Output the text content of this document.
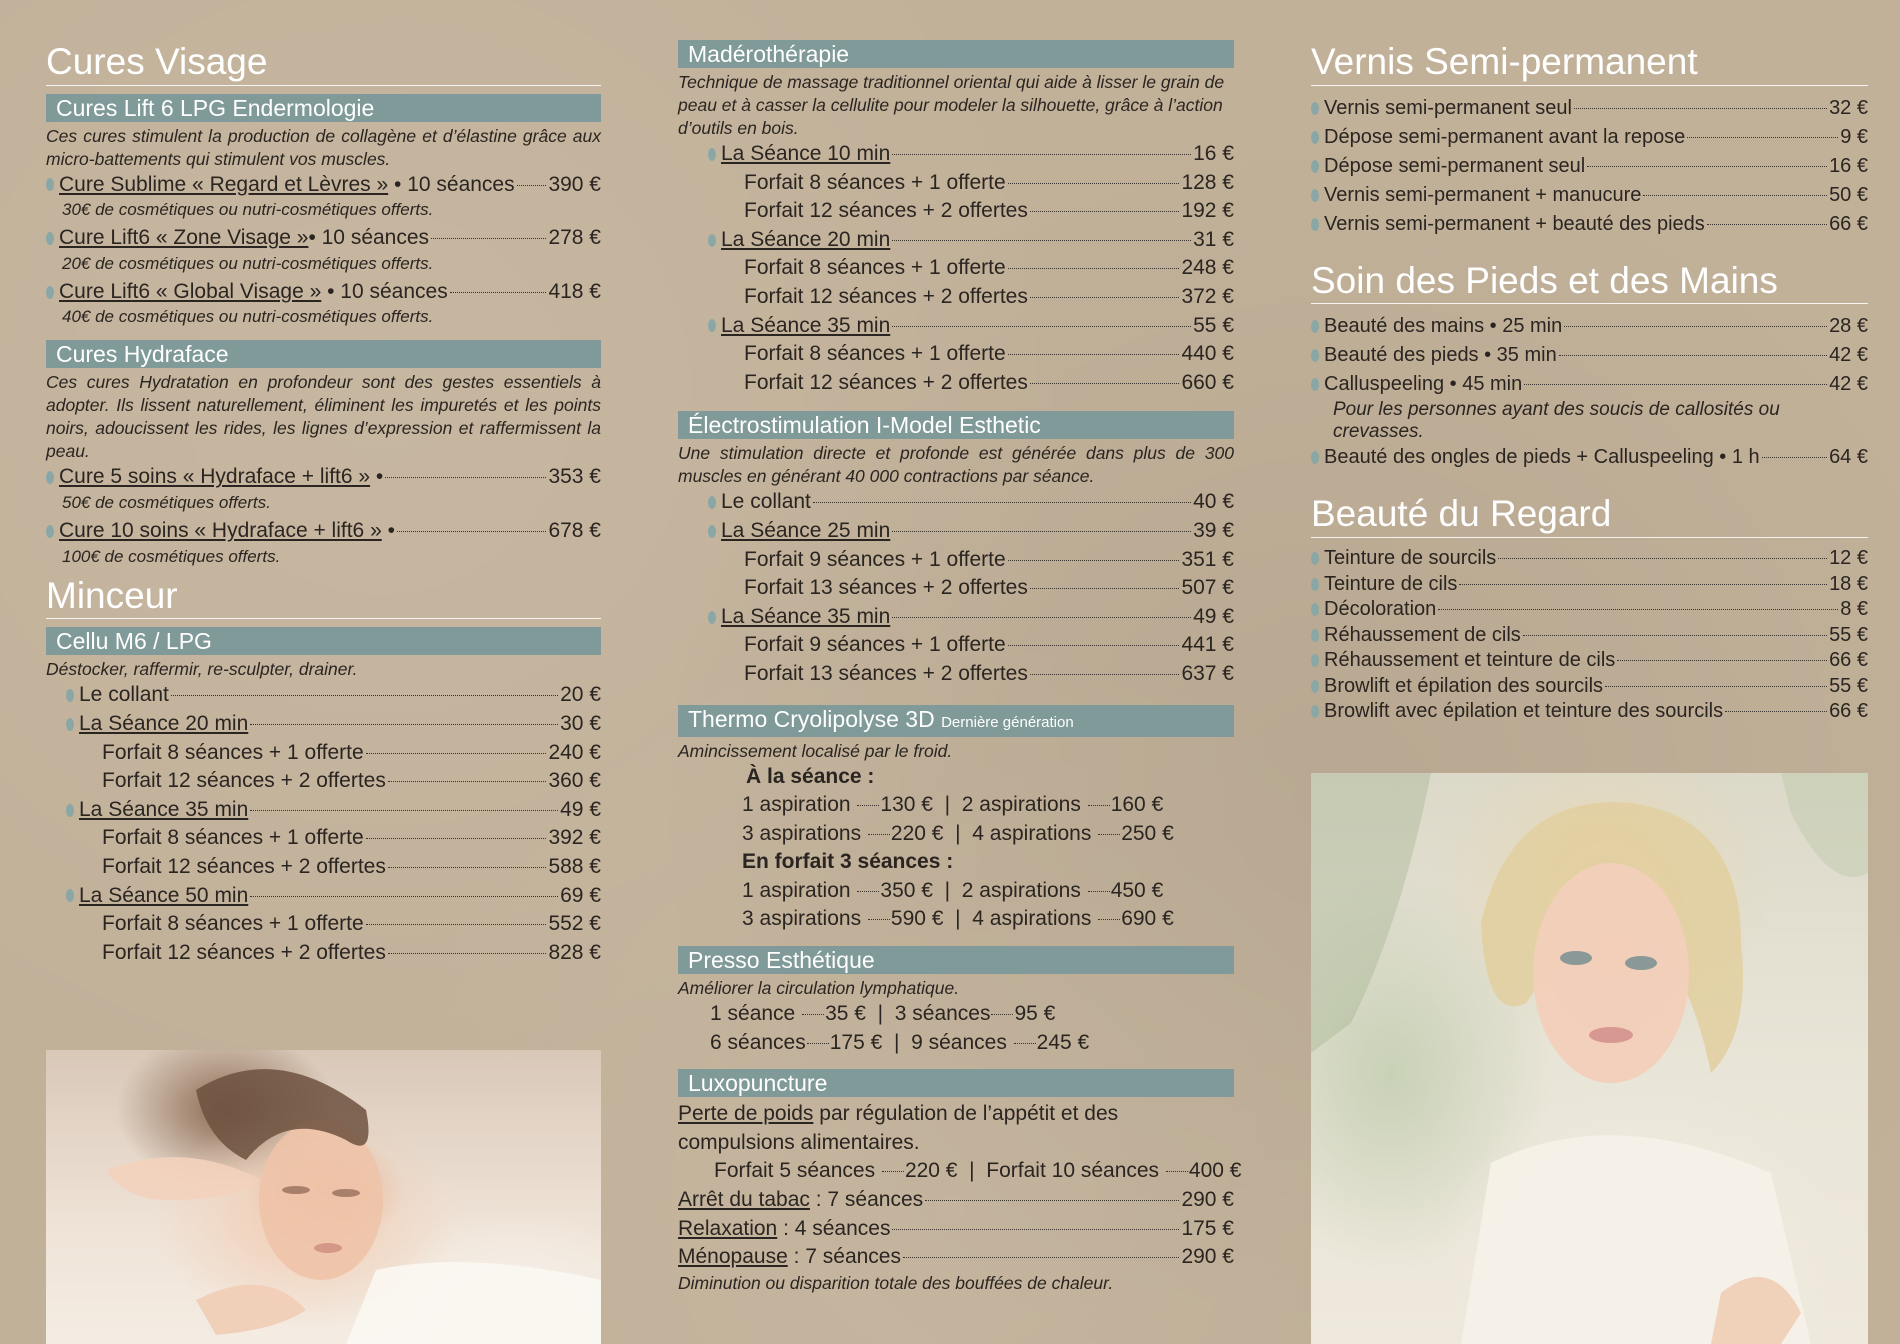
Cures Visage
Cures Lift 6 LPG Endermologie

Ces cures stimulent la production de collagène et d’élastine grâce aux micro-battements qui stimulent vos muscles.

Cure Sublime « Regard et Lèvres » • 10 séances 390 €

30€ de cosmétiques ou nutri-cosmétiques offerts.

Cure Lift6 « Zone Visage »• 10 séances	278 €

20€ de cosmétiques ou nutri-cosmétiques offerts.

Cure Lift6 « Global Visage » • 10 séances	418 €

40€ de cosmétiques ou nutri-cosmétiques offerts.

Cures Hydraface

Ces cures Hydratation en profondeur sont des gestes essentiels à adopter. Ils lissent naturellement, éliminent les impuretés et les points noirs, adoucissent les rides, les lignes d’expression et raffermissent la peau.

Cure 5 soins « Hydraface + lift6 » •	353 €

50€ de cosmétiques offerts.

Cure 10 soins « Hydraface + lift6 » •	678 €

100€ de cosmétiques offerts.

Minceur
Cellu M6 / LPG

Déstocker, raffermir, re-sculpter, drainer.

Le collant	20 €
La Séance 20 min	30 €
Forfait 8 séances + 1 offerte	240 €
Forfait 12 séances + 2 offertes	360 €
La Séance 35 min	49 €
Forfait 8 séances + 1 offerte	392 €
Forfait 12 séances + 2 offertes	588 €
La Séance 50 min	69 €
Forfait 8 séances + 1 offerte	552 €
Forfait 12 séances + 2 offertes	828 €
Madérothérapie

Technique de massage traditionnel oriental qui aide à lisser le grain de peau et à casser la cellulite pour modeler la silhouette, grâce à l’action d’outils en bois.

La Séance 10 min	16 €
Forfait 8 séances + 1 offerte	128 €
Forfait 12 séances + 2 offertes	192 €
La Séance 20 min	31 €
Forfait 8 séances + 1 offerte	248 €
Forfait 12 séances + 2 offertes	372 €
La Séance 35 min	55 €
Forfait 8 séances + 1 offerte	440 €
Forfait 12 séances + 2 offertes	660 €
Électrostimulation I-Model Esthetic

Une stimulation directe et profonde est générée dans plus de 300 muscles en générant 40 000 contractions par séance.

Le collant	40 €
La Séance 25 min	39 €
Forfait 9 séances + 1 offerte	351 €
Forfait 13 séances + 2 offertes	507 €
La Séance 35 min	49 €
Forfait 9 séances + 1 offerte	441 €
Forfait 13 séances + 2 offertes	637 €
Thermo Cryolipolyse 3D Dernière génération

Amincissement localisé par le froid.

À la séance :
1 aspiration 130 €  |  2 aspirations 160 €
3 aspirations 220 €  |  4 aspirations 250 €
En forfait 3 séances :
1 aspiration 350 €  |  2 aspirations 450 €
3 aspirations 590 €  |  4 aspirations 690 €
Presso Esthétique

Améliorer la circulation lymphatique.

1 séance 35 €  |  3 séances 95 €
6 séances 175 €  |  9 séances 245 €
Luxopuncture
Perte de poids par régulation de l’appétit et des compulsions alimentaires.
Forfait 5 séances 220 €  |  Forfait 10 séances 400 €
Arrêt du tabac : 7 séances	290 €
Relaxation : 4 séances	175 €
Ménopause : 7 séances	290 €

Diminution ou disparition totale des bouffées de chaleur.

Vernis Semi-permanent
Vernis semi-permanent seul	32 €
Dépose semi-permanent avant la repose	9 €
Dépose semi-permanent seul	16 €
Vernis semi-permanent + manucure	50 €
Vernis semi-permanent + beauté des pieds	66 €
Soin des Pieds et des Mains
Beauté des mains • 25 min	28 €
Beauté des pieds • 35 min	42 €
Calluspeeling • 45 min	42 €
Pour les personnes ayant des soucis de callosités ou crevasses.
Beauté des ongles de pieds + Calluspeeling • 1 h	64 €
Beauté du Regard
Teinture de sourcils	12 €
Teinture de cils	18 €
Décoloration	8 €
Réhaussement de cils	55 €
Réhaussement et teinture de cils	66 €
Browlift et épilation des sourcils	55 €
Browlift avec épilation et teinture des sourcils	66 €
